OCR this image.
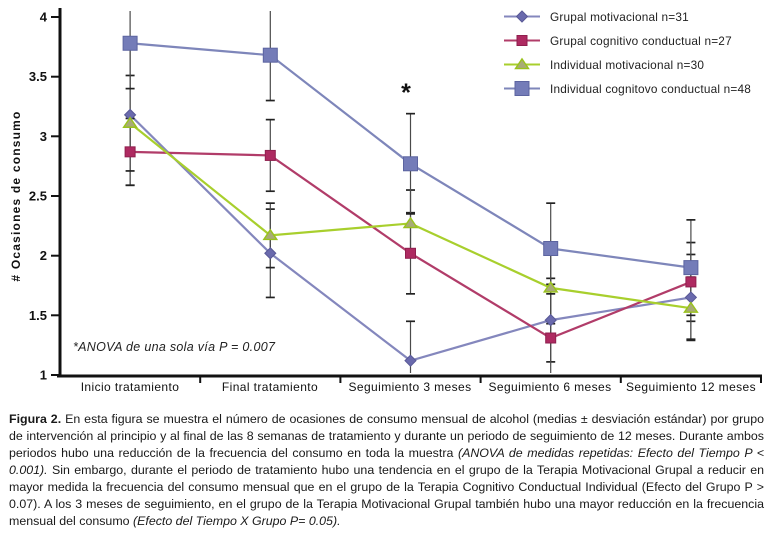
4
3.5
3
2.5
2
1.5
1
# Ocasiones de consumo
Inicio tratamiento	Final tratamiento	Seguimiento 3 meses Seguimiento 6 meses Seguimiento 12 meses
*
*ANOVA de una sola vía P = 0.007
Grupal motivacional n=31
Grupal cognitivo conductual n=27
Individual motivacional n=30
Individual cognitovo conductual n=48

Figura 2. En esta figura se muestra el número de ocasiones de consumo mensual de alcohol (medias ± desviación estándar) por grupo de intervención al principio y al final de las 8 semanas de tratamiento y durante un periodo de seguimiento de 12 meses. Durante ambos periodos hubo una reducción de la frecuencia del consumo en toda la muestra (ANOVA de medidas repetidas: Efecto del Tiempo P < 0.001). Sin embargo, durante el periodo de tratamiento hubo una tendencia en el grupo de la Terapia Motivacional Grupal a reducir en mayor medida la frecuencia del consumo mensual que en el grupo de la Terapia Cognitivo Conductual Individual (Efecto del Grupo P > 0.07). A los 3 meses de seguimiento, en el grupo de la Terapia Motivacional Grupal también hubo una mayor reducción en la frecuencia mensual del consumo (Efecto del Tiempo X Grupo P= 0.05).
